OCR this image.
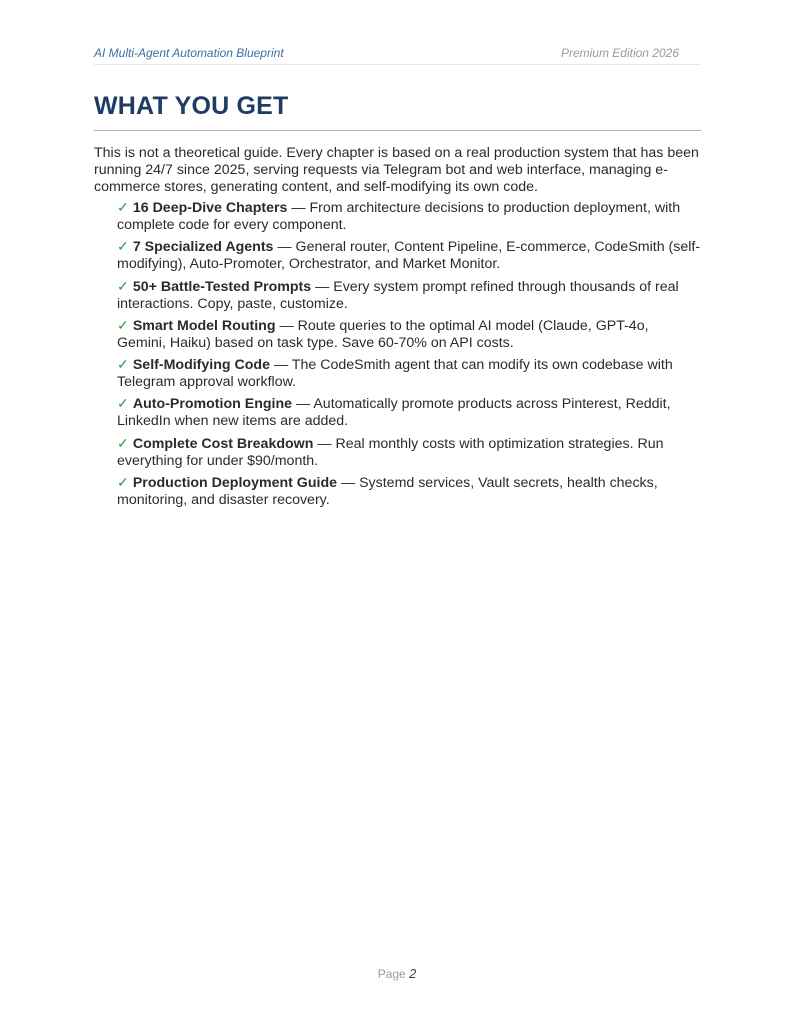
AI Multi-Agent Automation Blueprint	Premium Edition 2026
WHAT YOU GET

This is not a theoretical guide. Every chapter is based on a real production system that has been running 24/7 since 2025, serving requests via Telegram bot and web interface, managing e-commerce stores, generating content, and self-modifying its own code.

✓ 16 Deep-Dive Chapters — From architecture decisions to production deployment, with complete code for every component.
✓ 7 Specialized Agents — General router, Content Pipeline, E-commerce, CodeSmith (self-modifying), Auto-Promoter, Orchestrator, and Market Monitor.
✓ 50+ Battle-Tested Prompts — Every system prompt refined through thousands of real interactions. Copy, paste, customize.
✓ Smart Model Routing — Route queries to the optimal AI model (Claude, GPT-4o, Gemini, Haiku) based on task type. Save 60-70% on API costs.
✓ Self-Modifying Code — The CodeSmith agent that can modify its own codebase with Telegram approval workflow.
✓ Auto-Promotion Engine — Automatically promote products across Pinterest, Reddit, LinkedIn when new items are added.
✓ Complete Cost Breakdown — Real monthly costs with optimization strategies. Run everything for under $90/month.
✓ Production Deployment Guide — Systemd services, Vault secrets, health checks, monitoring, and disaster recovery.
Page 2
